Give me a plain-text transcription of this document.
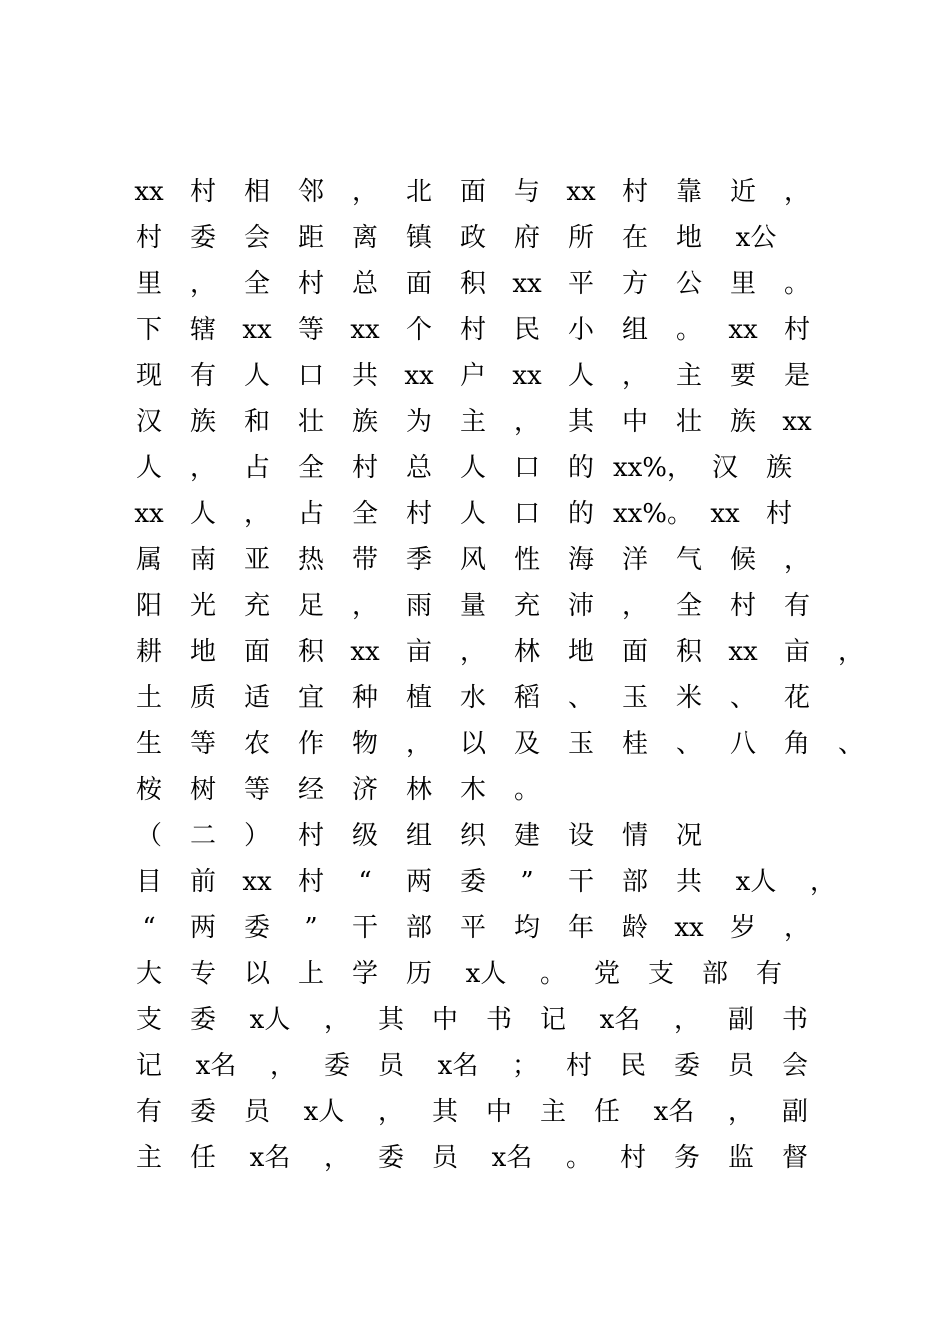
xx	村	相	邻	，	北	面	与	xx	村	靠	近	，
村	委	会	距	离	镇	政	府	所	在	地	x公
里	，	全	村	总	面	积	xx	平	方	公	里	。
下	辖	xx	等	xx	个	村	民	小	组	。	xx	村
现	有	人	口	共	xx	户	xx	人	，	主	要	是
汉	族	和	壮	族	为	主	，	其	中	壮	族	xx
人	，	占	全	村	总	人	口	的 xx%， 汉	族
xx	人	，	占	全	村	人	口	的 xx%。 xx	村
属	南	亚	热	带	季	风	性	海	洋	气	候	，
阳	光	充	足	，	雨	量	充	沛	，	全	村	有
耕	地	面	积	xx	亩	，	林	地	面	积	xx	亩	，
土	质	适	宜	种	植	水	稻	、	玉	米	、	花
生	等	农	作	物	，	以	及	玉	桂	、	八	角	、
桉	树	等	经	济	林	木	。
（	二	）	村	级	组	织	建	设	情	况
目	前	xx	村	“	两	委	”	干	部	共	x人	，
“	两	委	”	干	部	平	均	年	龄	xx	岁	，
大	专	以	上	学	历	x人	。	党	支	部	有
支	委	x人	，	其	中	书	记	x名	，	副	书
记	x名	，	委	员	x名	；	村	民	委	员	会
有	委	员	x人	，	其	中	主	任	x名	，	副
主	任	x名	，	委	员	x名	。	村	务	监	督
